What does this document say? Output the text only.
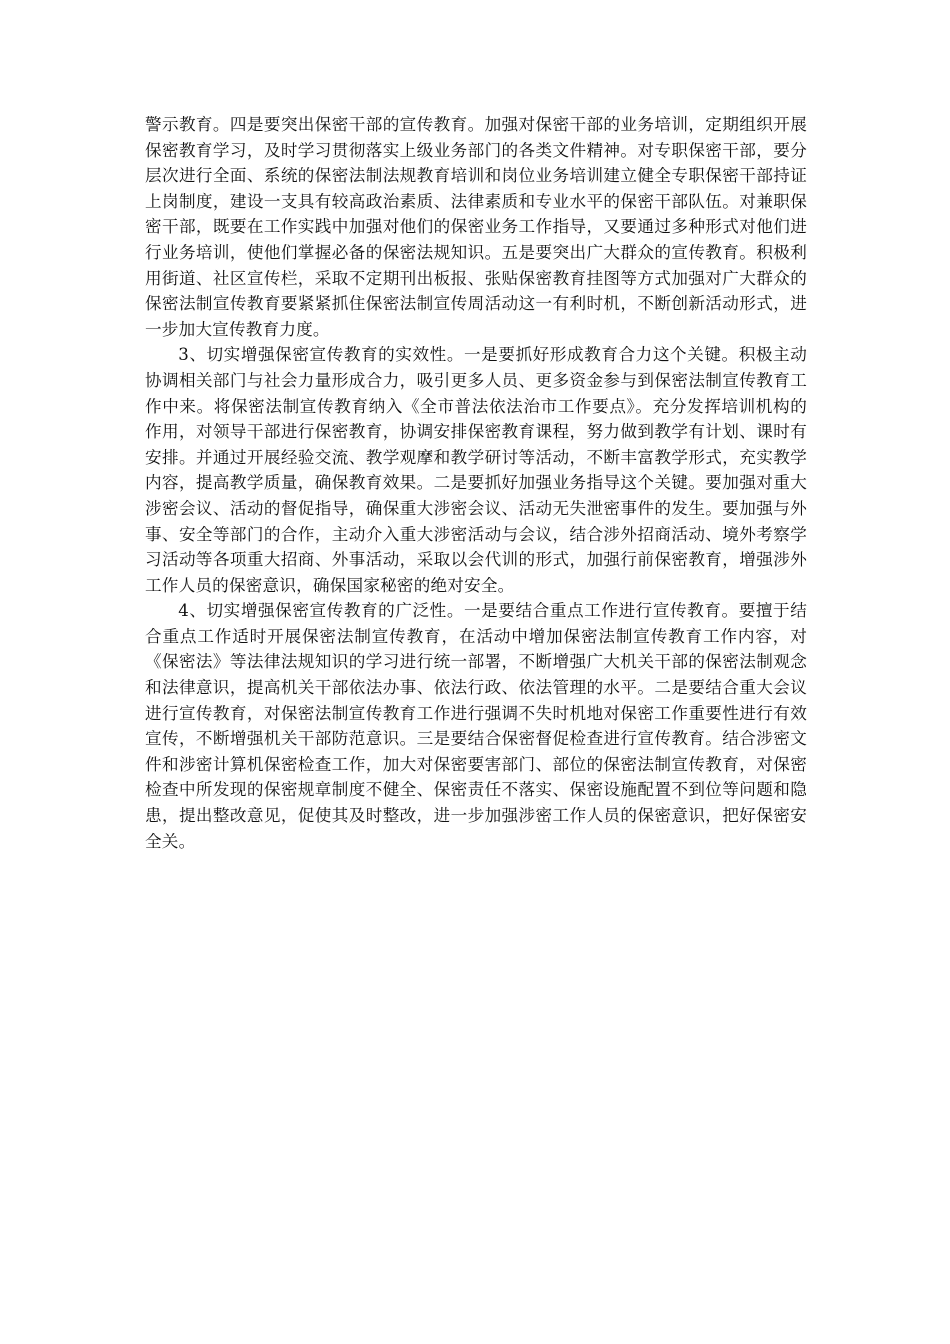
警示教育。四是要突出保密干部的宣传教育。加强对保密干部的业务培训，定期组织开展保密教育学习，及时学习贯彻落实上级业务部门的各类文件精神。对专职保密干部，要分层次进行全面、系统的保密法制法规教育培训和岗位业务培训建立健全专职保密干部持证上岗制度，建设一支具有较高政治素质、法律素质和专业水平的保密干部队伍。对兼职保密干部，既要在工作实践中加强对他们的保密业务工作指导，又要通过多种形式对他们进行业务培训，使他们掌握必备的保密法规知识。五是要突出广大群众的宣传教育。积极利用街道、社区宣传栏，采取不定期刊出板报、张贴保密教育挂图等方式加强对广大群众的保密法制宣传教育要紧紧抓住保密法制宣传周活动这一有利时机，不断创新活动形式，进一步加大宣传教育力度。

3、切实增强保密宣传教育的实效性。一是要抓好形成教育合力这个关键。积极主动协调相关部门与社会力量形成合力，吸引更多人员、更多资金参与到保密法制宣传教育工作中来。将保密法制宣传教育纳入《全市普法依法治市工作要点》。充分发挥培训机构的作用，对领导干部进行保密教育，协调安排保密教育课程，努力做到教学有计划、课时有安排。并通过开展经验交流、教学观摩和教学研讨等活动，不断丰富教学形式，充实教学内容，提高教学质量，确保教育效果。二是要抓好加强业务指导这个关键。要加强对重大涉密会议、活动的督促指导，确保重大涉密会议、活动无失泄密事件的发生。要加强与外事、安全等部门的合作，主动介入重大涉密活动与会议，结合涉外招商活动、境外考察学习活动等各项重大招商、外事活动，采取以会代训的形式，加强行前保密教育，增强涉外工作人员的保密意识，确保国家秘密的绝对安全。

4、切实增强保密宣传教育的广泛性。一是要结合重点工作进行宣传教育。要擅于结合重点工作适时开展保密法制宣传教育，在活动中增加保密法制宣传教育工作内容，对《保密法》等法律法规知识的学习进行统一部署，不断增强广大机关干部的保密法制观念和法律意识，提高机关干部依法办事、依法行政、依法管理的水平。二是要结合重大会议进行宣传教育，对保密法制宣传教育工作进行强调不失时机地对保密工作重要性进行有效宣传，不断增强机关干部防范意识。三是要结合保密督促检查进行宣传教育。结合涉密文件和涉密计算机保密检查工作，加大对保密要害部门、部位的保密法制宣传教育，对保密检查中所发现的保密规章制度不健全、保密责任不落实、保密设施配置不到位等问题和隐患，提出整改意见，促使其及时整改，进一步加强涉密工作人员的保密意识，把好保密安全关。
